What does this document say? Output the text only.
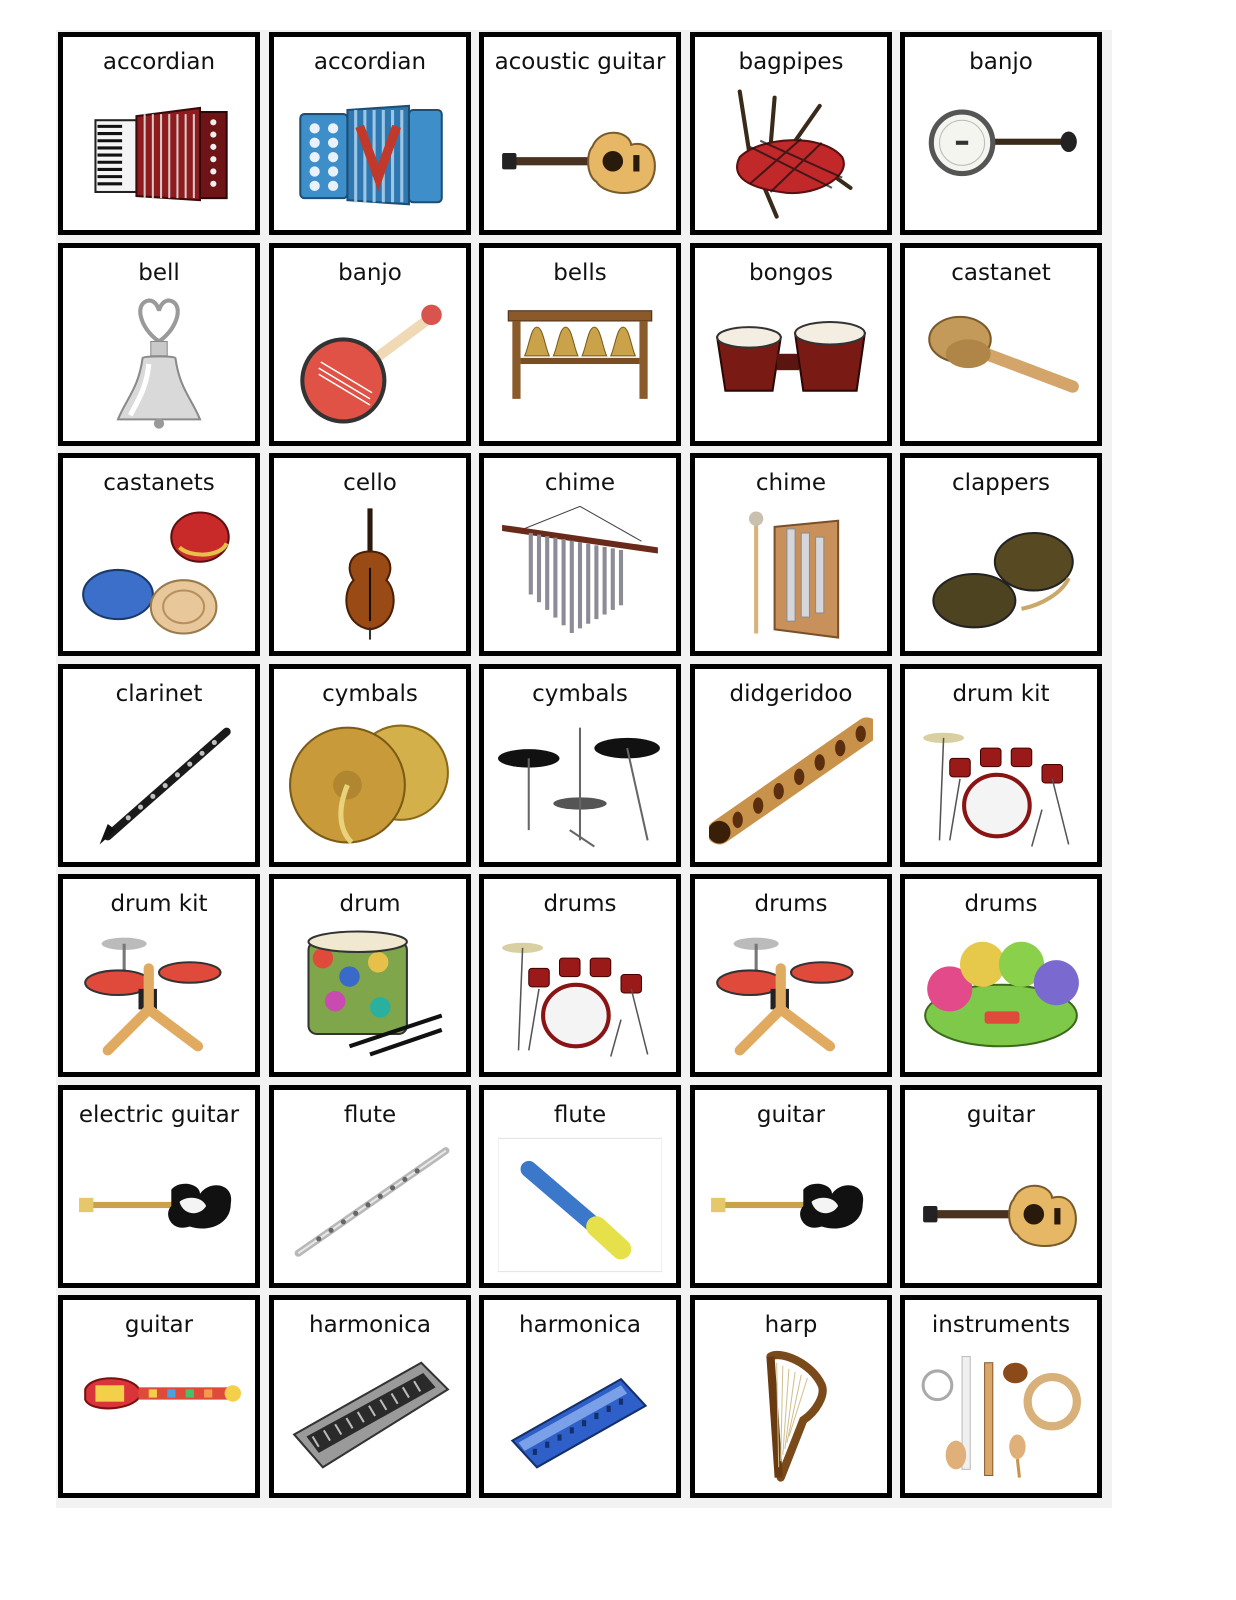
accordian	accordian	acoustic guitar	bagpipes	banjo
bell	banjo	bells	bongos	castanet
castanets	cello	chime	chime	clappers
clarinet	cymbals	cymbals	didgeridoo	drum kit
drum kit	drum	drums	drums	drums
electric guitar	flute	flute	guitar	guitar
guitar	harmonica	harmonica	harp	instruments
